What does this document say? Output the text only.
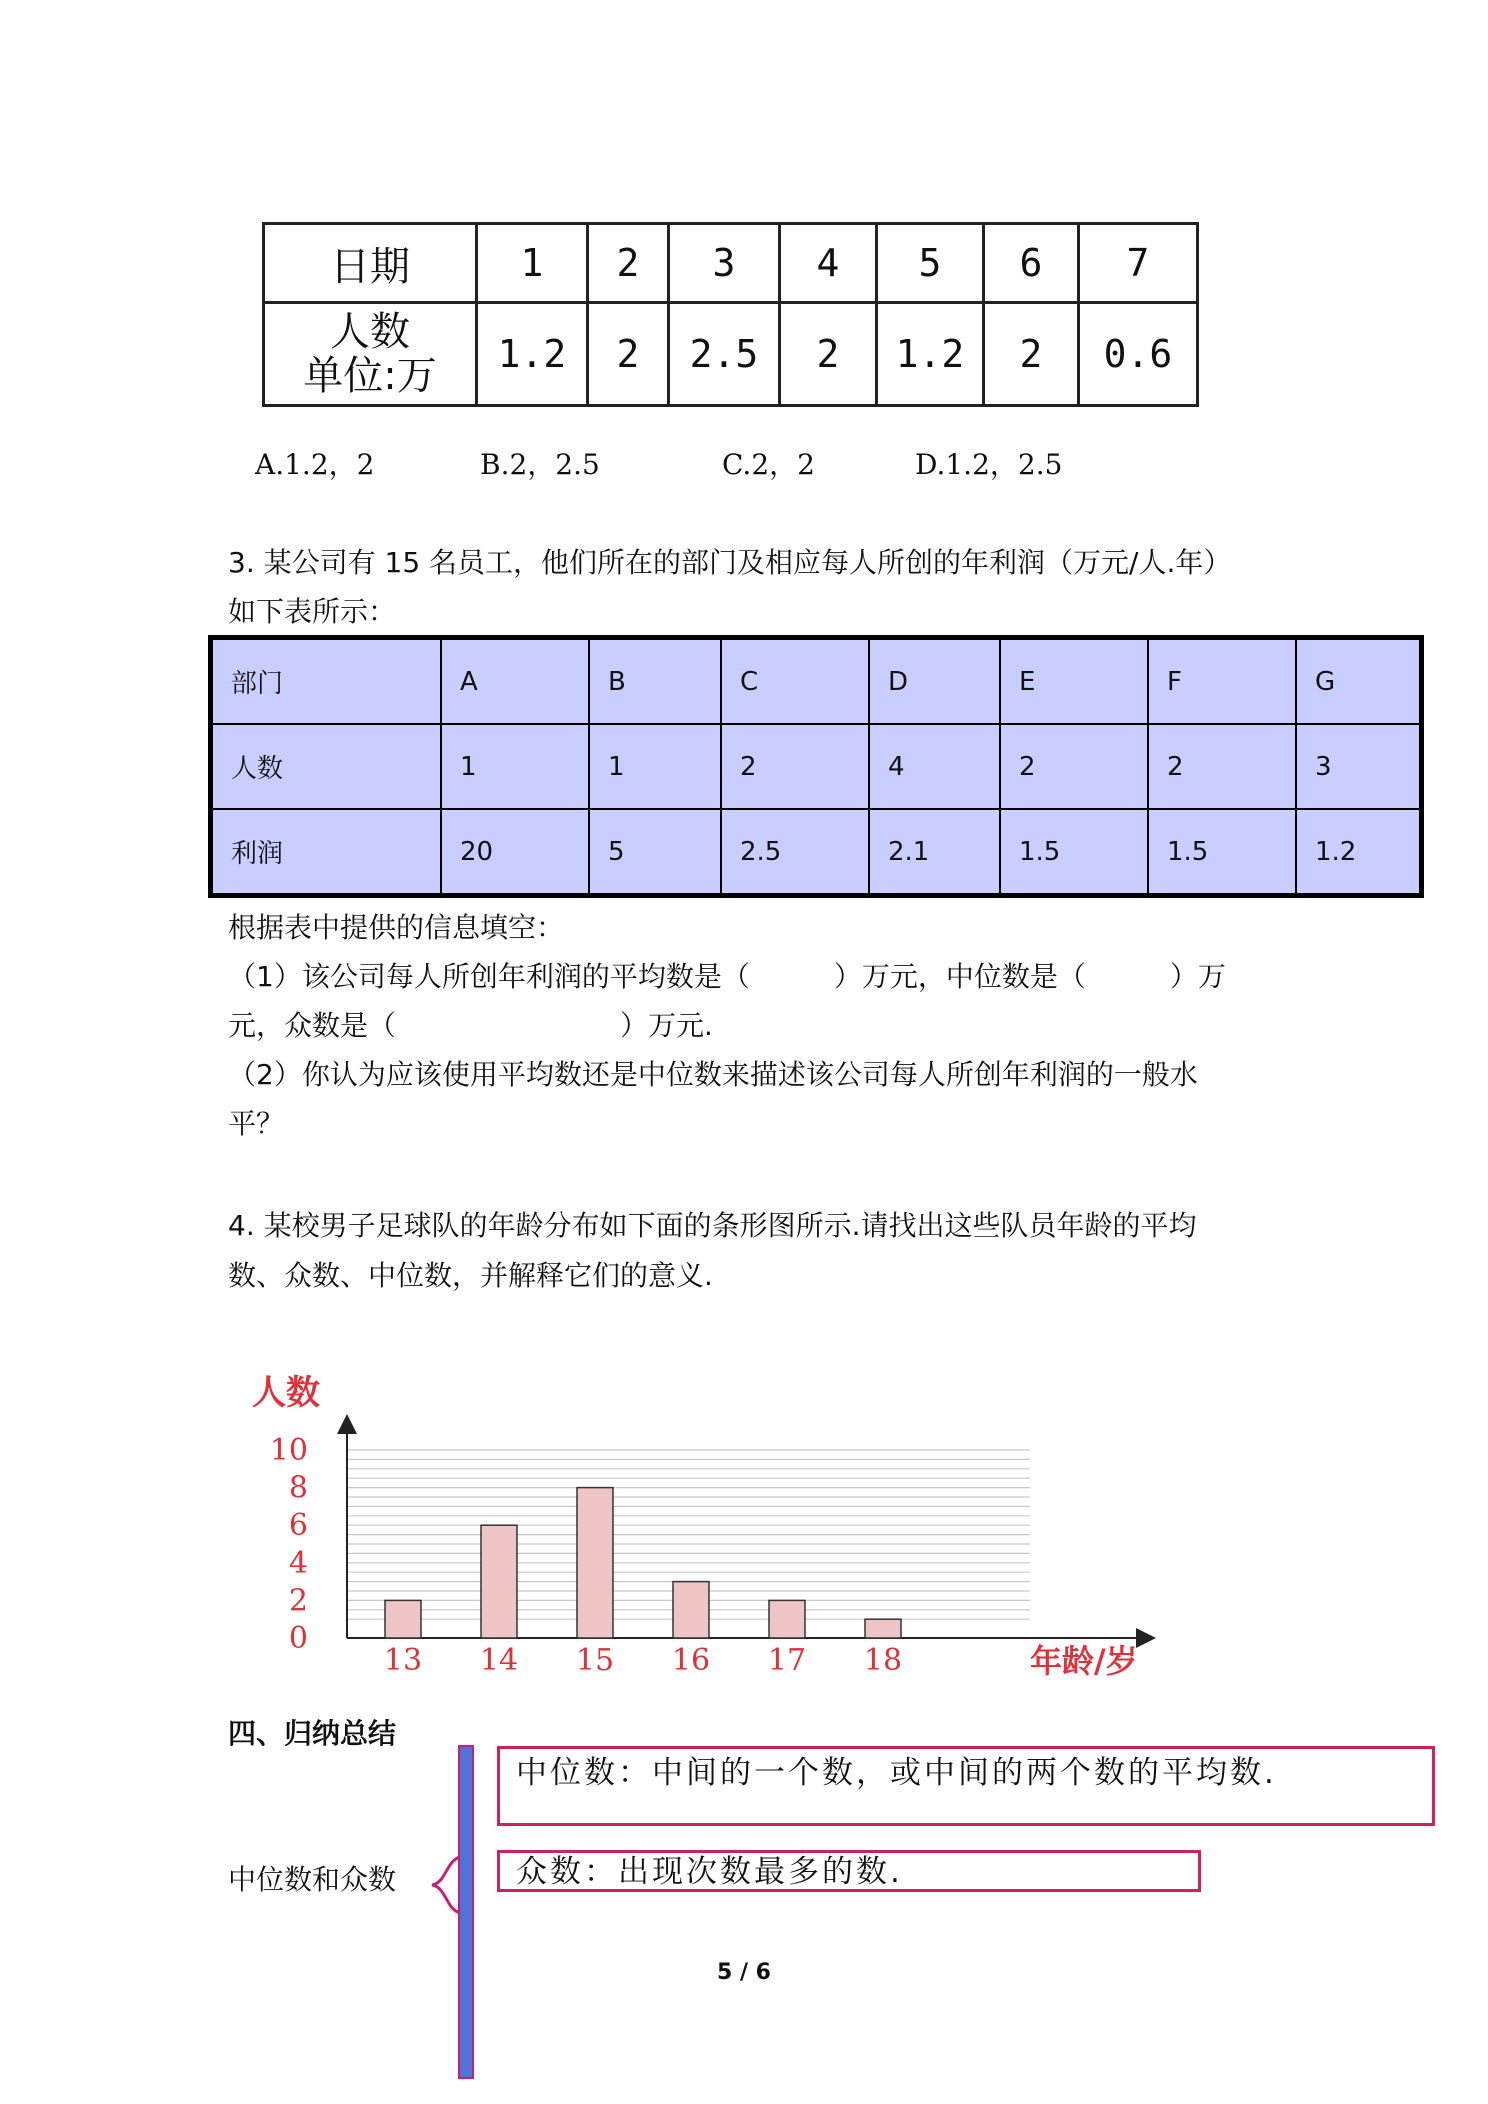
日期	1	2	3	4	5	6	7

人数
单位:万	1.2	2	2.5	2	1.2	2	0.6
A.1.2，2	B.2，2.5	C.2，2	D.1.2，2.5
3. 某公司有 15 名员工，他们所在的部门及相应每人所创的年利润（万元/人.年）
如下表所示：
部门	A	B	C	D	E	F	G
人数	1	1	2	4	2	2	3
利润	20	5	2.5	2.1	1.5	1.5	1.2
根据表中提供的信息填空：
（1）该公司每人所创年利润的平均数是（　　　）万元，中位数是（　　　）万
元，众数是（　　　　　　　　）万元.
（2）你认为应该使用平均数还是中位数来描述该公司每人所创年利润的一般水
平？
4. 某校男子足球队的年龄分布如下面的条形图所示.请找出这些队员年龄的平均
数、众数、中位数，并解释它们的意义.
0
2
4
6
8
10
13 14 15 16 17 18
人数
年龄/岁
四、归纳总结
中位数和众数
中位数：中间的一个数，或中间的两个数的平均数.
众数：出现次数最多的数.
5 / 6
